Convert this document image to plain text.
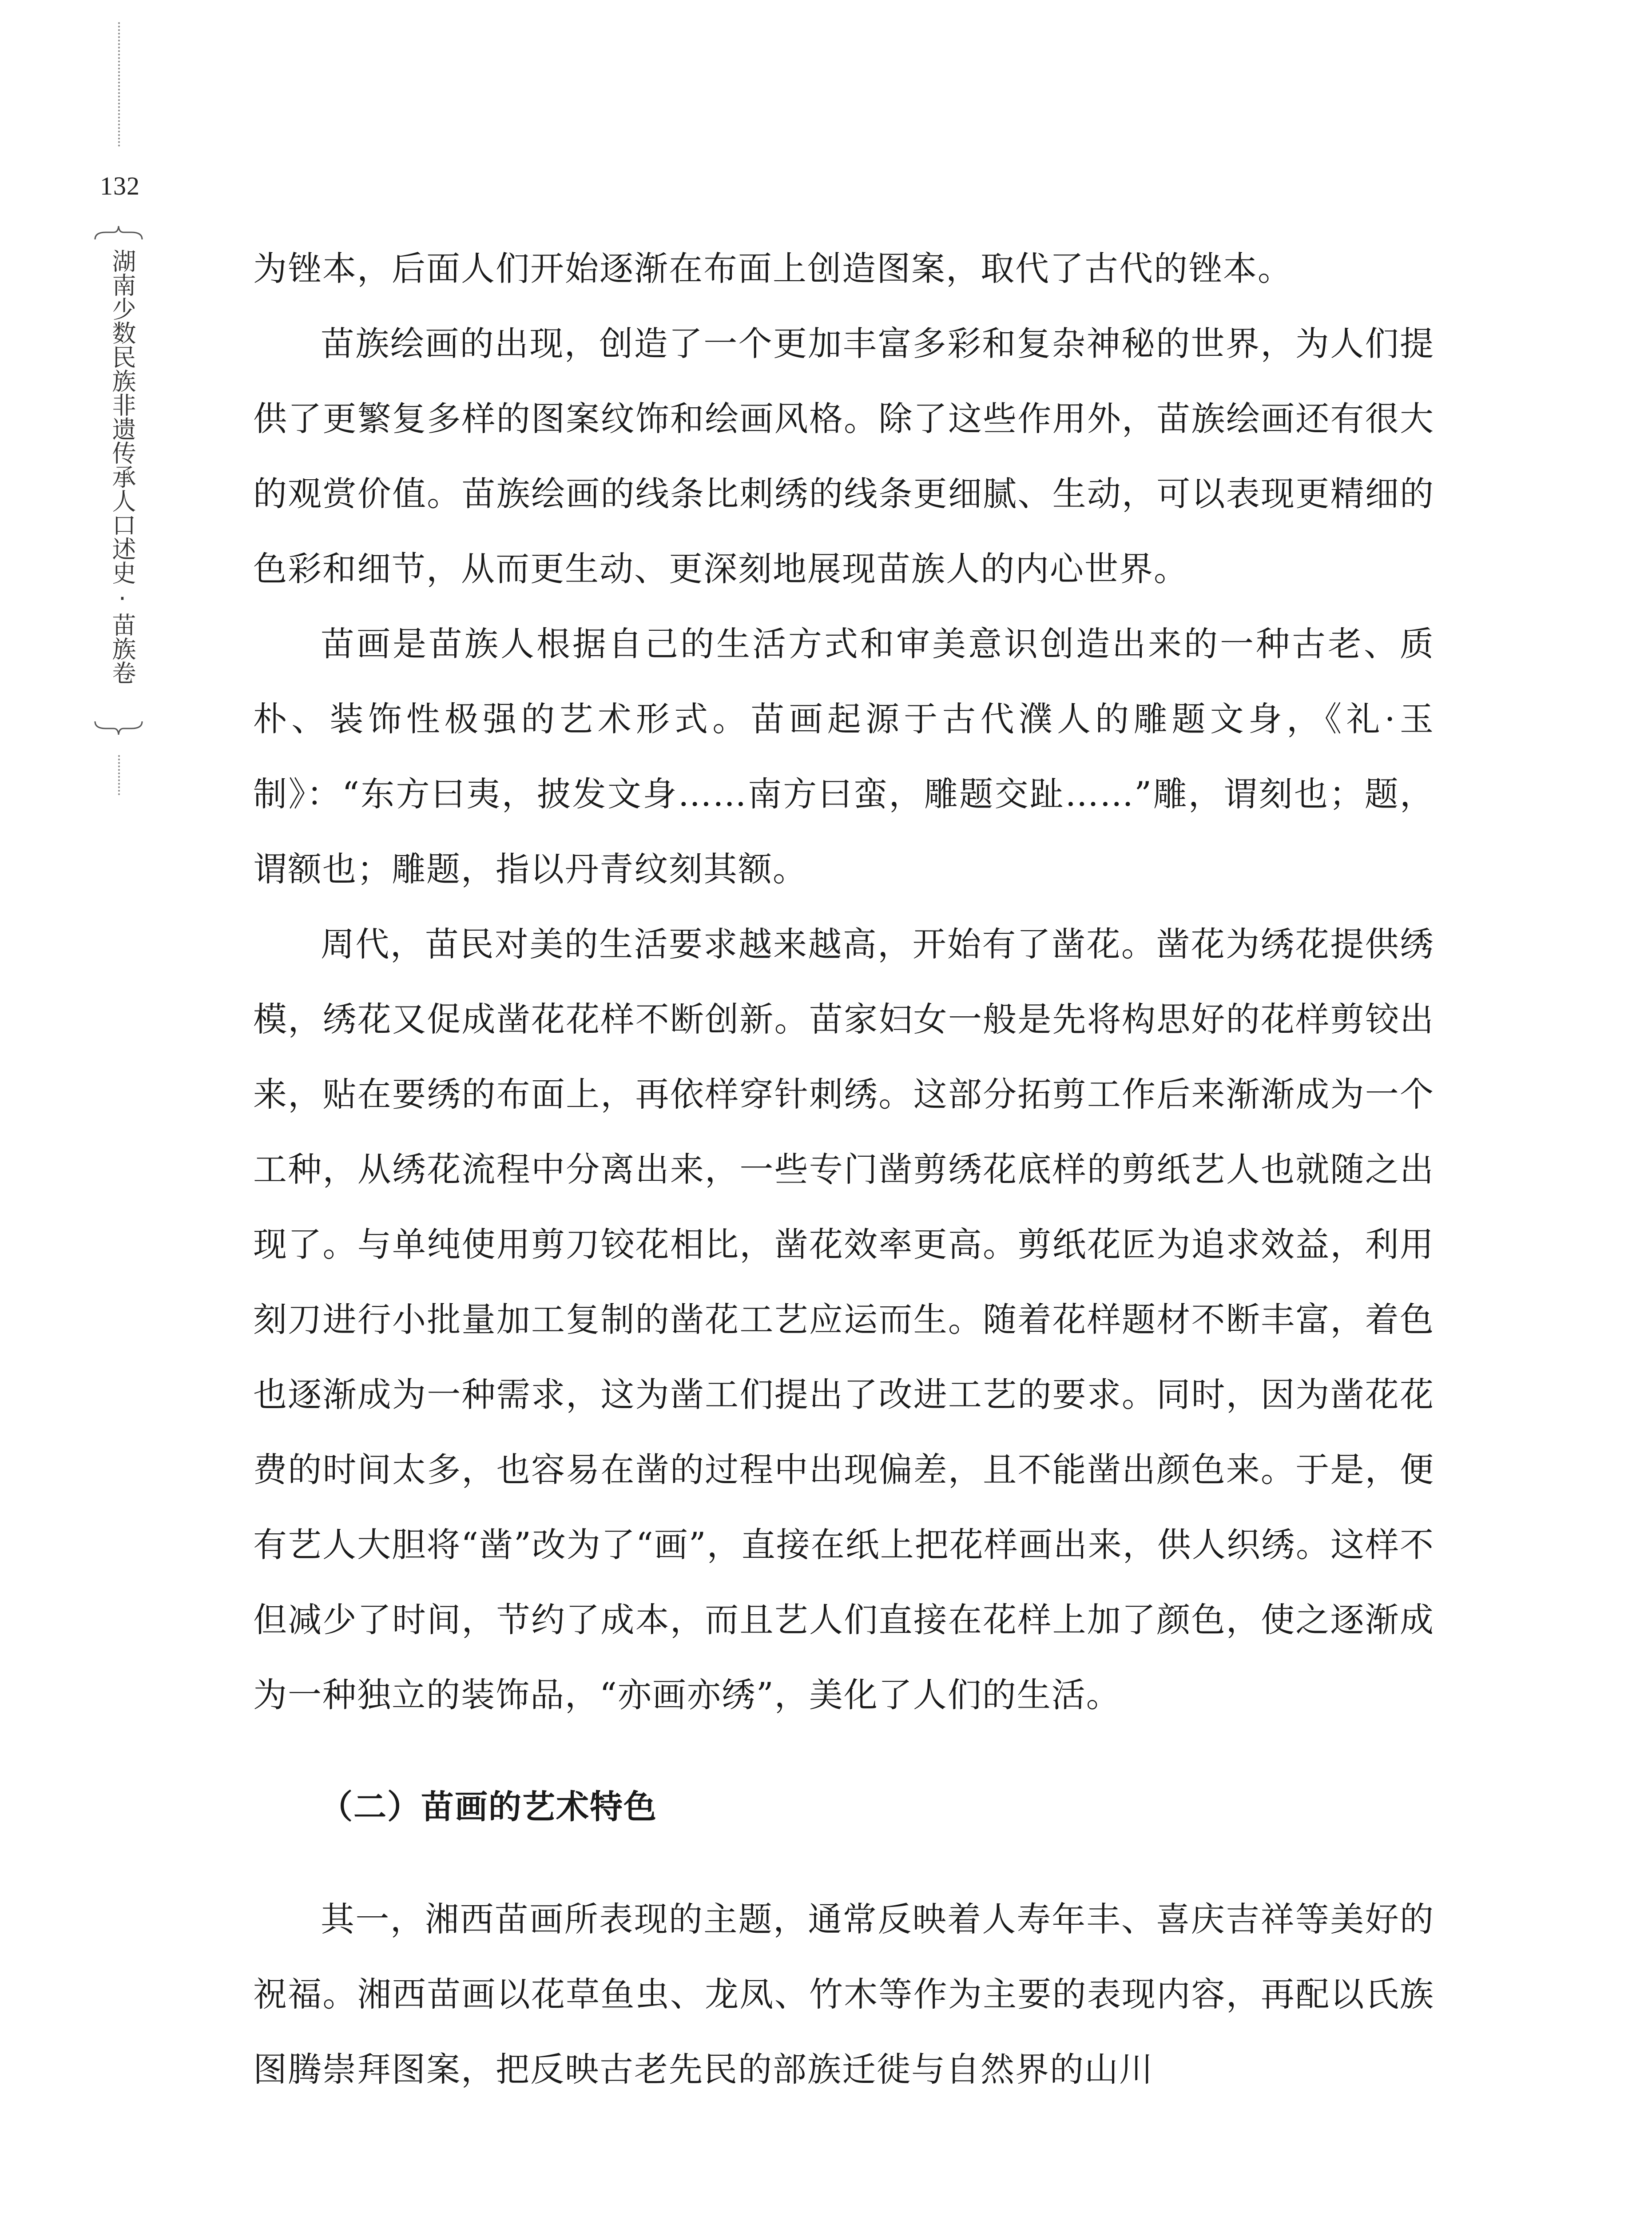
132
湖南少数民族非遗传承人口述史·苗族卷	为锉本，后面人们开始逐渐在布面上创造图案，取代了古代的锉本。

苗族绘画的出现，创造了一个更加丰富多彩和复杂神秘的世界，为人们提供了更繁复多样的图案纹饰和绘画风格。除了这些作用外，苗族绘画还有很大的观赏价值。苗族绘画的线条比刺绣的线条更细腻、生动，可以表现更精细的色彩和细节，从而更生动、更深刻地展现苗族人的内心世界。

苗画是苗族人根据自己的生活方式和审美意识创造出来的一种古老、质朴、装饰性极强的艺术形式。苗画起源于古代濮人的雕题文身，《礼·玉制》：“东方曰夷，披发文身……南方曰蛮，雕题交趾……”雕，谓刻也；题，谓额也；雕题，指以丹青纹刻其额。

周代，苗民对美的生活要求越来越高，开始有了凿花。凿花为绣花提供绣模，绣花又促成凿花花样不断创新。苗家妇女一般是先将构思好的花样剪铰出来，贴在要绣的布面上，再依样穿针刺绣。这部分拓剪工作后来渐渐成为一个工种，从绣花流程中分离出来，一些专门凿剪绣花底样的剪纸艺人也就随之出现了。与单纯使用剪刀铰花相比，凿花效率更高。剪纸花匠为追求效益，利用刻刀进行小批量加工复制的凿花工艺应运而生。随着花样题材不断丰富，着色也逐渐成为一种需求，这为凿工们提出了改进工艺的要求。同时，因为凿花花费的时间太多，也容易在凿的过程中出现偏差，且不能凿出颜色来。于是，便有艺人大胆将“凿”改为了“画”，直接在纸上把花样画出来，供人织绣。这样不但减少了时间，节约了成本，而且艺人们直接在花样上加了颜色，使之逐渐成为一种独立的装饰品，“亦画亦绣”，美化了人们的生活。

（二）苗画的艺术特色

其一，湘西苗画所表现的主题，通常反映着人寿年丰、喜庆吉祥等美好的祝福。湘西苗画以花草鱼虫、龙凤、竹木等作为主要的表现内容，再配以氏族图腾崇拜图案，把反映古老先民的部族迁徙与自然界的山川
